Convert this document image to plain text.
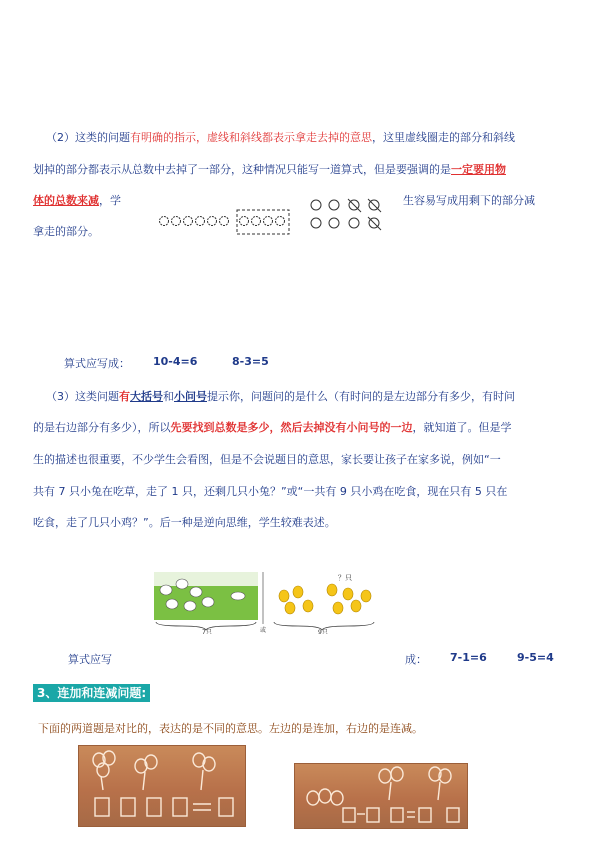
（2）这类的问题有明确的指示，虚线和斜线都表示拿走去掉的意思，这里虚线圈走的部分和斜线
划掉的部分都表示从总数中去掉了一部分，这种情况只能写一道算式，但是要强调的是一定要用物
体的总数来减，学	生容易写成用剩下的部分减
拿走的部分。
算式应写成： 10-4=6	8-3=5
（3）这类问题有大括号和小问号提示你，问题问的是什么（有时问的是左边部分有多少，有时问
的是右边部分有多少），所以先要找到总数是多少，然后去掉没有小问号的一边，就知道了。但是学
生的描述也很重要，不少学生会看图，但是不会说题目的意思，家长要让孩子在家多说，例如“一
共有 7 只小兔在吃草，走了 1 只，还剩几只小兔？”或“一共有 9 只小鸡在吃食，现在只有 5 只在
吃食，走了几只小鸡？”。后一种是逆向思维，学生较难表述。
7只	或
？只
9只
算式应写	成： 7-1=6	9-5=4
3、连加和连减问题:
下面的两道题是对比的，表达的是不同的意思。左边的是连加，右边的是连减。
